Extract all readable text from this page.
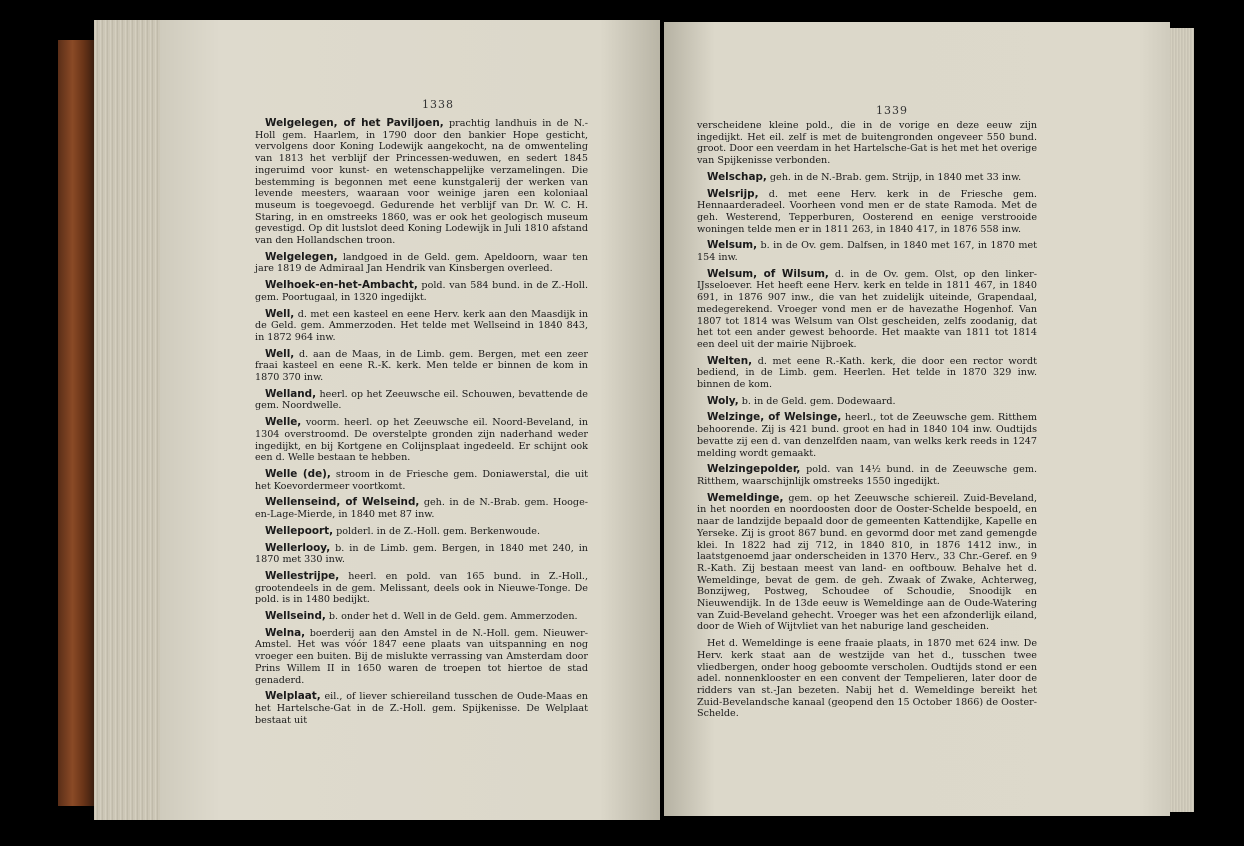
1338

Welgelegen, of het Paviljoen, prachtig landhuis in de N.-Holl gem. Haarlem, in 1790 door den bankier Hope gesticht, vervolgens door Koning Lodewijk aangekocht, na de omwenteling van 1813 het verblijf der Princessen-weduwen, en sedert 1845 ingeruimd voor kunst- en wetenschappelijke verzamelingen. Die bestemming is begonnen met eene kunstgalerij der werken van levende meesters, waaraan voor weinige jaren een koloniaal museum is toegevoegd. Gedurende het verblijf van Dr. W. C. H. Staring, in en omstreeks 1860, was er ook het geologisch museum gevestigd. Op dit lustslot deed Koning Lodewijk in Juli 1810 afstand van den Hollandschen troon.

Welgelegen, landgoed in de Geld. gem. Apeldoorn, waar ten jare 1819 de Admiraal Jan Hendrik van Kinsbergen overleed.

Welhoek-en-het-Ambacht, pold. van 584 bund. in de Z.-Holl. gem. Poortugaal, in 1320 ingedijkt.

Well, d. met een kasteel en eene Herv. kerk aan den Maasdijk in de Geld. gem. Ammerzoden. Het telde met Wellseind in 1840 843, in 1872 964 inw.

Well, d. aan de Maas, in de Limb. gem. Bergen, met een zeer fraai kasteel en eene R.-K. kerk. Men telde er binnen de kom in 1870 370 inw.

Welland, heerl. op het Zeeuwsche eil. Schouwen, bevattende de gem. Noordwelle.

Welle, voorm. heerl. op het Zeeuwsche eil. Noord-Beveland, in 1304 overstroomd. De overstelpte gronden zijn naderhand weder ingedijkt, en bij Kortgene en Colijnsplaat ingedeeld. Er schijnt ook een d. Welle bestaan te hebben.

Welle (de), stroom in de Friesche gem. Doniawerstal, die uit het Koevordermeer voortkomt.

Wellenseind, of Welseind, geh. in de N.-Brab. gem. Hooge-en-Lage-Mierde, in 1840 met 87 inw.

Wellepoort, polderl. in de Z.-Holl. gem. Berkenwoude.

Wellerlooy, b. in de Limb. gem. Bergen, in 1840 met 240, in 1870 met 330 inw.

Wellestrijpe, heerl. en pold. van 165 bund. in Z.-Holl., grootendeels in de gem. Melissant, deels ook in Nieuwe-Tonge. De pold. is in 1480 bedijkt.

Wellseind, b. onder het d. Well in de Geld. gem. Ammerzoden.

Welna, boerderij aan den Amstel in de N.-Holl. gem. Nieuwer-Amstel. Het was vóór 1847 eene plaats van uitspanning en nog vroeger een buiten. Bij de mislukte verrassing van Amsterdam door Prins Willem II in 1650 waren de troepen tot hiertoe de stad genaderd.

Welplaat, eil., of liever schiereiland tusschen de Oude-Maas en het Hartelsche-Gat in de Z.-Holl. gem. Spijkenisse. De Welplaat bestaat uit

1339

verscheidene kleine pold., die in de vorige en deze eeuw zijn ingedijkt. Het eil. zelf is met de buitengronden ongeveer 550 bund. groot. Door een veerdam in het Hartelsche-Gat is het met het overige van Spijkenisse verbonden.

Welschap, geh. in de N.-Brab. gem. Strijp, in 1840 met 33 inw.

Welsrijp, d. met eene Herv. kerk in de Friesche gem. Hennaarderadeel. Voorheen vond men er de state Ramoda. Met de geh. Westerend, Tepperburen, Oosterend en eenige verstrooide woningen telde men er in 1811 263, in 1840 417, in 1876 558 inw.

Welsum, b. in de Ov. gem. Dalfsen, in 1840 met 167, in 1870 met 154 inw.

Welsum, of Wilsum, d. in de Ov. gem. Olst, op den linker-IJsseloever. Het heeft eene Herv. kerk en telde in 1811 467, in 1840 691, in 1876 907 inw., die van het zuidelijk uiteinde, Grapendaal, medegerekend. Vroeger vond men er de havezathe Hogenhof. Van 1807 tot 1814 was Welsum van Olst gescheiden, zelfs zoodanig, dat het tot een ander gewest behoorde. Het maakte van 1811 tot 1814 een deel uit der mairie Nijbroek.

Welten, d. met eene R.-Kath. kerk, die door een rector wordt bediend, in de Limb. gem. Heerlen. Het telde in 1870 329 inw. binnen de kom.

Woly, b. in de Geld. gem. Dodewaard.

Welzinge, of Welsinge, heerl., tot de Zeeuwsche gem. Ritthem behoorende. Zij is 421 bund. groot en had in 1840 104 inw. Oudtijds bevatte zij een d. van denzelfden naam, van welks kerk reeds in 1247 melding wordt gemaakt.

Welzingepolder, pold. van 14½ bund. in de Zeeuwsche gem. Ritthem, waarschijnlijk omstreeks 1550 ingedijkt.

Wemeldinge, gem. op het Zeeuwsche schiereil. Zuid-Beveland, in het noorden en noordoosten door de Ooster-Schelde bespoeld, en naar de landzijde bepaald door de gemeenten Kattendijke, Kapelle en Yerseke. Zij is groot 867 bund. en gevormd door met zand gemengde klei. In 1822 had zij 712, in 1840 810, in 1876 1412 inw., in laatstgenoemd jaar onderscheiden in 1370 Herv., 33 Chr.-Geref. en 9 R.-Kath. Zij bestaan meest van land- en ooftbouw. Behalve het d. Wemeldinge, bevat de gem. de geh. Zwaak of Zwake, Achterweg, Bonzijweg, Postweg, Schoudee of Schoudie, Snoodijk en Nieuwendijk. In de 13de eeuw is Wemeldinge aan de Oude-Watering van Zuid-Beveland gehecht. Vroeger was het een afzonderlijk eiland, door de Wieh of Wijtvliet van het naburige land gescheiden.

Het d. Wemeldinge is eene fraaie plaats, in 1870 met 624 inw. De Herv. kerk staat aan de westzijde van het d., tusschen twee vliedbergen, onder hoog geboomte verscholen. Oudtijds stond er een adel. nonnenklooster en een convent der Tempelieren, later door de ridders van st.-Jan bezeten. Nabij het d. Wemeldinge bereikt het Zuid-Bevelandsche kanaal (geopend den 15 October 1866) de Ooster-Schelde.
